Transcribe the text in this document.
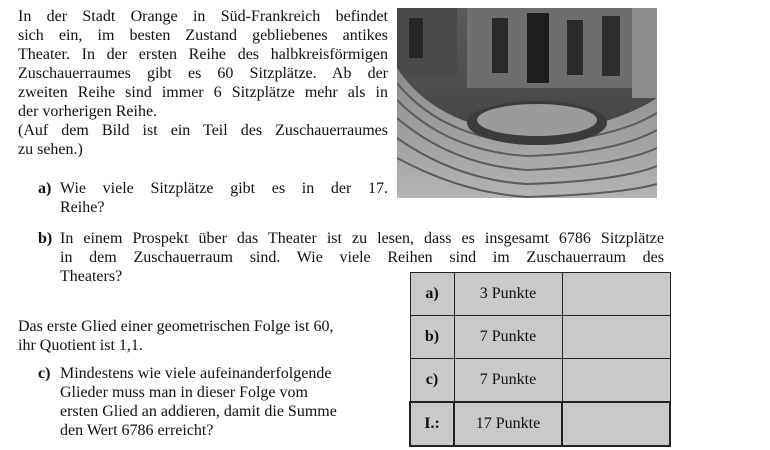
In der Stadt Orange in Süd-Frankreich befindet

sich ein, im besten Zustand gebliebenes antikes

Theater. In der ersten Reihe des halbkreisförmigen

Zuschauerraumes gibt es 60 Sitzplätze. Ab der

zweiten Reihe sind immer 6 Sitzplätze mehr als in

der vorherigen Reihe.

(Auf dem Bild ist ein Teil des Zuschauerraumes

zu sehen.)

a) Wie viele Sitzplätze gibt es in der 17.
Reihe?
b) In einem Prospekt über das Theater ist zu lesen, dass es insgesamt 6786 Sitzplätze
in dem Zuschauerraum sind. Wie viele Reihen sind im Zuschauerraum des
Theaters?
Das erste Glied einer geometrischen Folge ist 60,
ihr Quotient ist 1,1.
c) Mindestens wie viele aufeinanderfolgende
Glieder muss man in dieser Folge vom
ersten Glied an addieren, damit die Summe
den Wert 6786 erreicht?
a)	3 Punkte	
b)	7 Punkte	
c)	7 Punkte	
I.:	17 Punkte	
